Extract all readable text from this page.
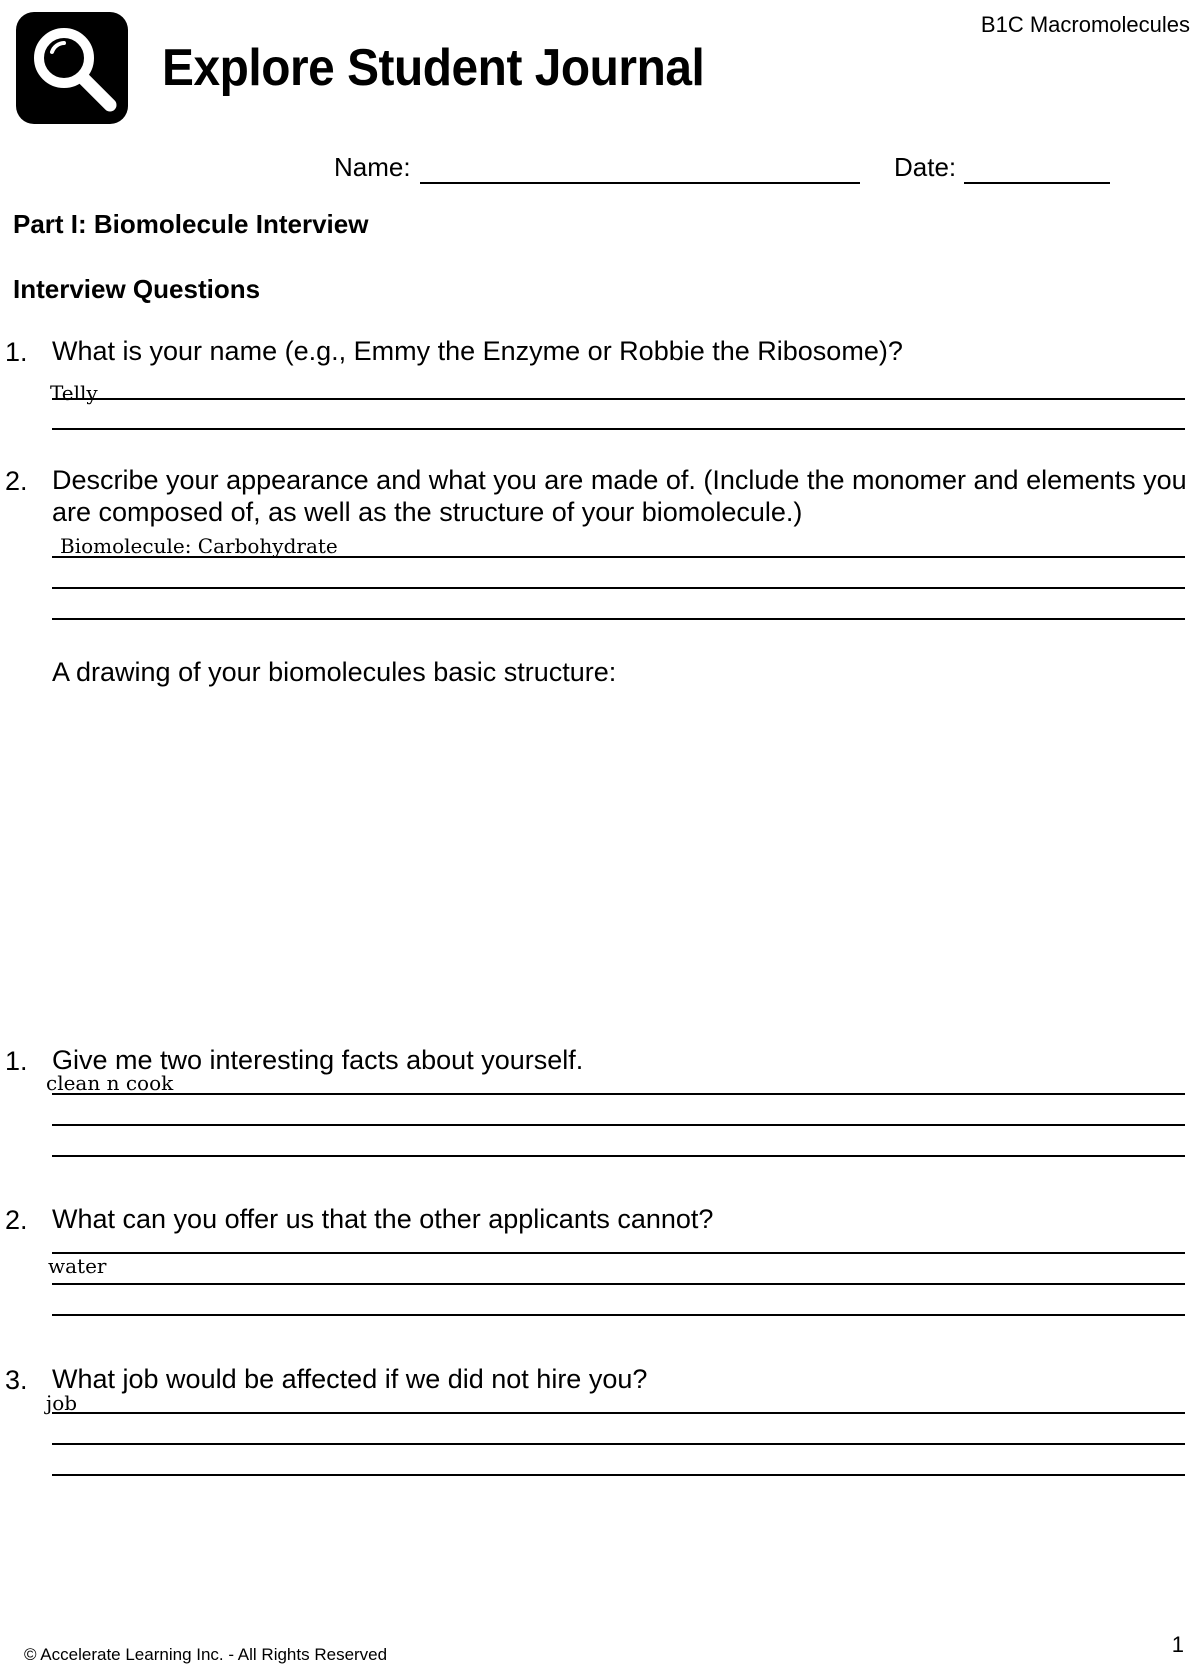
Explore Student Journal
B1C Macromolecules
Name:	Date:
Part I: Biomolecule Interview
Interview Questions
1. What is your name (e.g., Emmy the Enzyme or Robbie the Ribosome)?
Telly
2. Describe your appearance and what you are made of. (Include the monomer and elements you
are composed of, as well as the structure of your biomolecule.)
Biomolecule: Carbohydrate
A drawing of your biomolecules basic structure:
1. Give me two interesting facts about yourself.
clean n cook
2. What can you offer us that the other applicants cannot?
water
3. What job would be affected if we did not hire you?
job
© Accelerate Learning Inc. - All Rights Reserved	1
